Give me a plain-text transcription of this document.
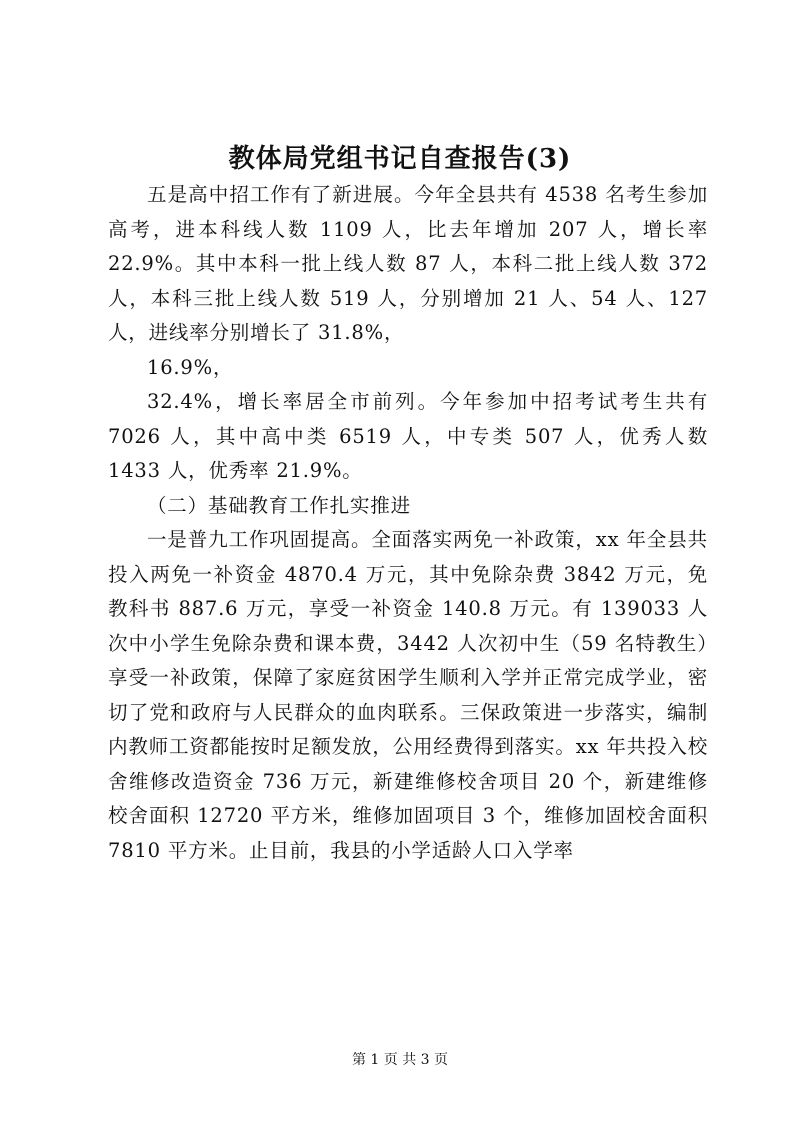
教体局党组书记自查报告(3)

五是高中招工作有了新进展。今年全县共有 4538 名考生参加高考，进本科线人数 1109 人，比去年增加 207 人，增长率 22.9%。其中本科一批上线人数 87 人，本科二批上线人数 372 人，本科三批上线人数 519 人，分别增加 21 人、54 人、127 人，进线率分别增长了 31.8%，

16.9%，

32.4%，增长率居全市前列。今年参加中招考试考生共有 7026 人，其中高中类 6519 人，中专类 507 人，优秀人数 1433 人，优秀率 21.9%。

（二）基础教育工作扎实推进

一是普九工作巩固提高。全面落实两免一补政策，xx 年全县共投入两免一补资金 4870.4 万元，其中免除杂费 3842 万元，免教科书 887.6 万元，享受一补资金 140.8 万元。有 139033 人次中小学生免除杂费和课本费，3442 人次初中生（59 名特教生）享受一补政策，保障了家庭贫困学生顺利入学并正常完成学业，密切了党和政府与人民群众的血肉联系。三保政策进一步落实，编制内教师工资都能按时足额发放，公用经费得到落实。xx 年共投入校舍维修改造资金 736 万元，新建维修校舍项目 20 个，新建维修校舍面积 12720 平方米，维修加固项目 3 个，维修加固校舍面积 7810 平方米。止目前，我县的小学适龄人口入学率

第 1 页 共 3 页
